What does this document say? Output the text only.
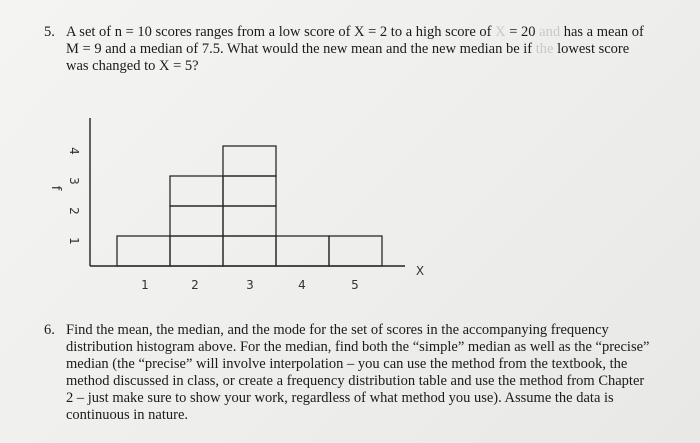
5. A set of n = 10 scores ranges from a low score of X = 2 to a high score of X = 20 and has a mean of
M = 9 and a median of 7.5. What would the new mean and the new median be if the lowest score
was changed to X = 5?
1	2	3	4	5
1
2
3
4
f
X
6. Find the mean, the median, and the mode for the set of scores in the accompanying frequency
distribution histogram above. For the median, find both the “simple” median as well as the “precise”
median (the “precise” will involve interpolation – you can use the method from the textbook, the
method discussed in class, or create a frequency distribution table and use the method from Chapter
2 – just make sure to show your work, regardless of what method you use). Assume the data is
continuous in nature.
